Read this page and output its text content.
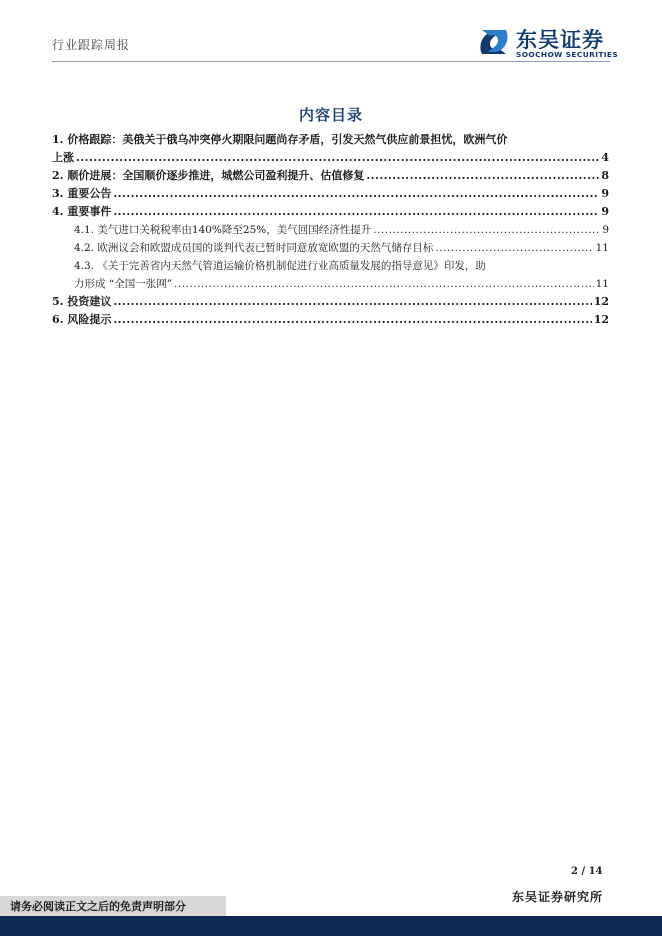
行业跟踪周报	东吴证券
SOOCHOW SECURITIES
内容目录
1. 价格跟踪：美俄关于俄乌冲突停火期限问题尚存矛盾，引发天然气供应前景担忧，欧洲气价
上涨 .....	4
2. 顺价进展：全国顺价逐步推进，城燃公司盈利提升、估值修复 .....	8
3. 重要公告 .....	9
4. 重要事件 .....	9
4.1. 美气进口关税税率由140%降至25%，美气回国经济性提升 .....	9
4.2. 欧洲议会和欧盟成员国的谈判代表已暂时同意放宽欧盟的天然气储存目标 .....	11
4.3. 《关于完善省内天然气管道运输价格机制促进行业高质量发展的指导意见》印发，助
力形成 “全国一张网” .....	11
5. 投资建议 .....	12
6. 风险提示 .....	12
2 / 14
东吴证券研究所
请务必阅读正文之后的免责声明部分
